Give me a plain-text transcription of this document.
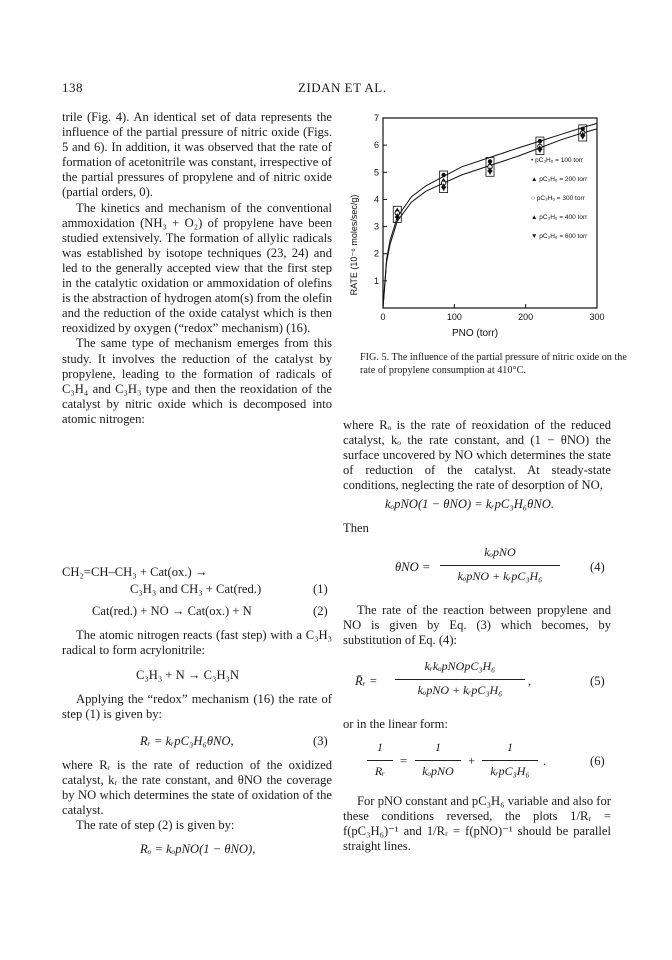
138	ZIDAN ET AL.

trile (Fig. 4). An identical set of data represents the influence of the partial pressure of nitric oxide (Figs. 5 and 6). In addition, it was observed that the rate of formation of acetonitrile was constant, irrespective of the partial pressures of propylene and of nitric oxide (partial orders, 0).

The kinetics and mechanism of the conventional ammoxidation (NH₃ + O₂) of propylene have been studied extensively. The formation of allylic radicals was established by isotope techniques (23, 24) and led to the generally accepted view that the first step in the catalytic oxidation or ammoxidation of olefins is the abstraction of hydrogen atom(s) from the olefin and the reduction of the oxide catalyst which is then reoxidized by oxygen (“redox” mechanism) (16).

The same type of mechanism emerges from this study. It involves the reduction of the catalyst by propylene, leading to the formation of radicals of C₃H₄ and C₃H₃ type and then the reoxidation of the catalyst by nitric oxide which is decomposed into atomic nitrogen:

CH₂=CH–CH₃ + Cat(ox.) →
C₃H₃ and CH₃ + Cat(red.)	(1)
Cat(red.) + NO → Cat(ox.) + N	(2)
The atomic nitrogen reacts (fast step) with a C₃H₃ radical to form acrylonitrile:
C₃H₃ + N → C₃H₃N
Applying the “redox” mechanism (16) the rate of step (1) is given by:
Rᵣ = kᵣpC₃H₆θNO,	(3)
where Rᵣ is the rate of reduction of the oxidized catalyst, kᵣ the rate constant, and θNO the coverage by NO which determines the state of oxidation of the catalyst.
The rate of step (2) is given by:
Rₒ = kₒpNO(1 − θNO),
0	100	200	300
1
2
3
4
5
6
7
RATE (10⁻⁶ moles/sec/g)
PNO (torr)
• pC₃H₆ = 100 torr
▲ pC₃H₆ = 200 torr
○ pC₃H₆ = 300 torr
▲ pC₃H₆ = 400 torr
▼ pC₃H₆ = 600 torr
FIG. 5. The influence of the partial pressure of nitric oxide on the rate of propylene consumption at 410°C.
where Rₒ is the rate of reoxidation of the reduced catalyst, kₒ the rate constant, and (1 − θNO) the surface uncovered by NO which determines the state of reduction of the catalyst. At steady-state conditions, neglecting the rate of desorption of NO,
kₒpNO(1 − θNO) = kᵣpC₃H₆θNO.
Then
θNO =
kₒpNO
kₒpNO + kᵣpC₃H₆
(4)
The rate of the reaction between propylene and NO is given by Eq. (3) which becomes, by substitution of Eq. (4):
R̄ᵣ =
kᵣkₒpNOpC₃H₆
kₒpNO + kᵣpC₃H₆
,	(5)
or in the linear form:
1
Rᵣ
=
1
kₒpNO
+
1
kᵣpC₃H₆
.	(6)
For pNO constant and pC₃H₆ variable and also for these conditions reversed, the plots 1/Rᵣ = f(pC₃H₆)⁻¹ and 1/Rᵣ = f(pNO)⁻¹ should be parallel straight lines.
